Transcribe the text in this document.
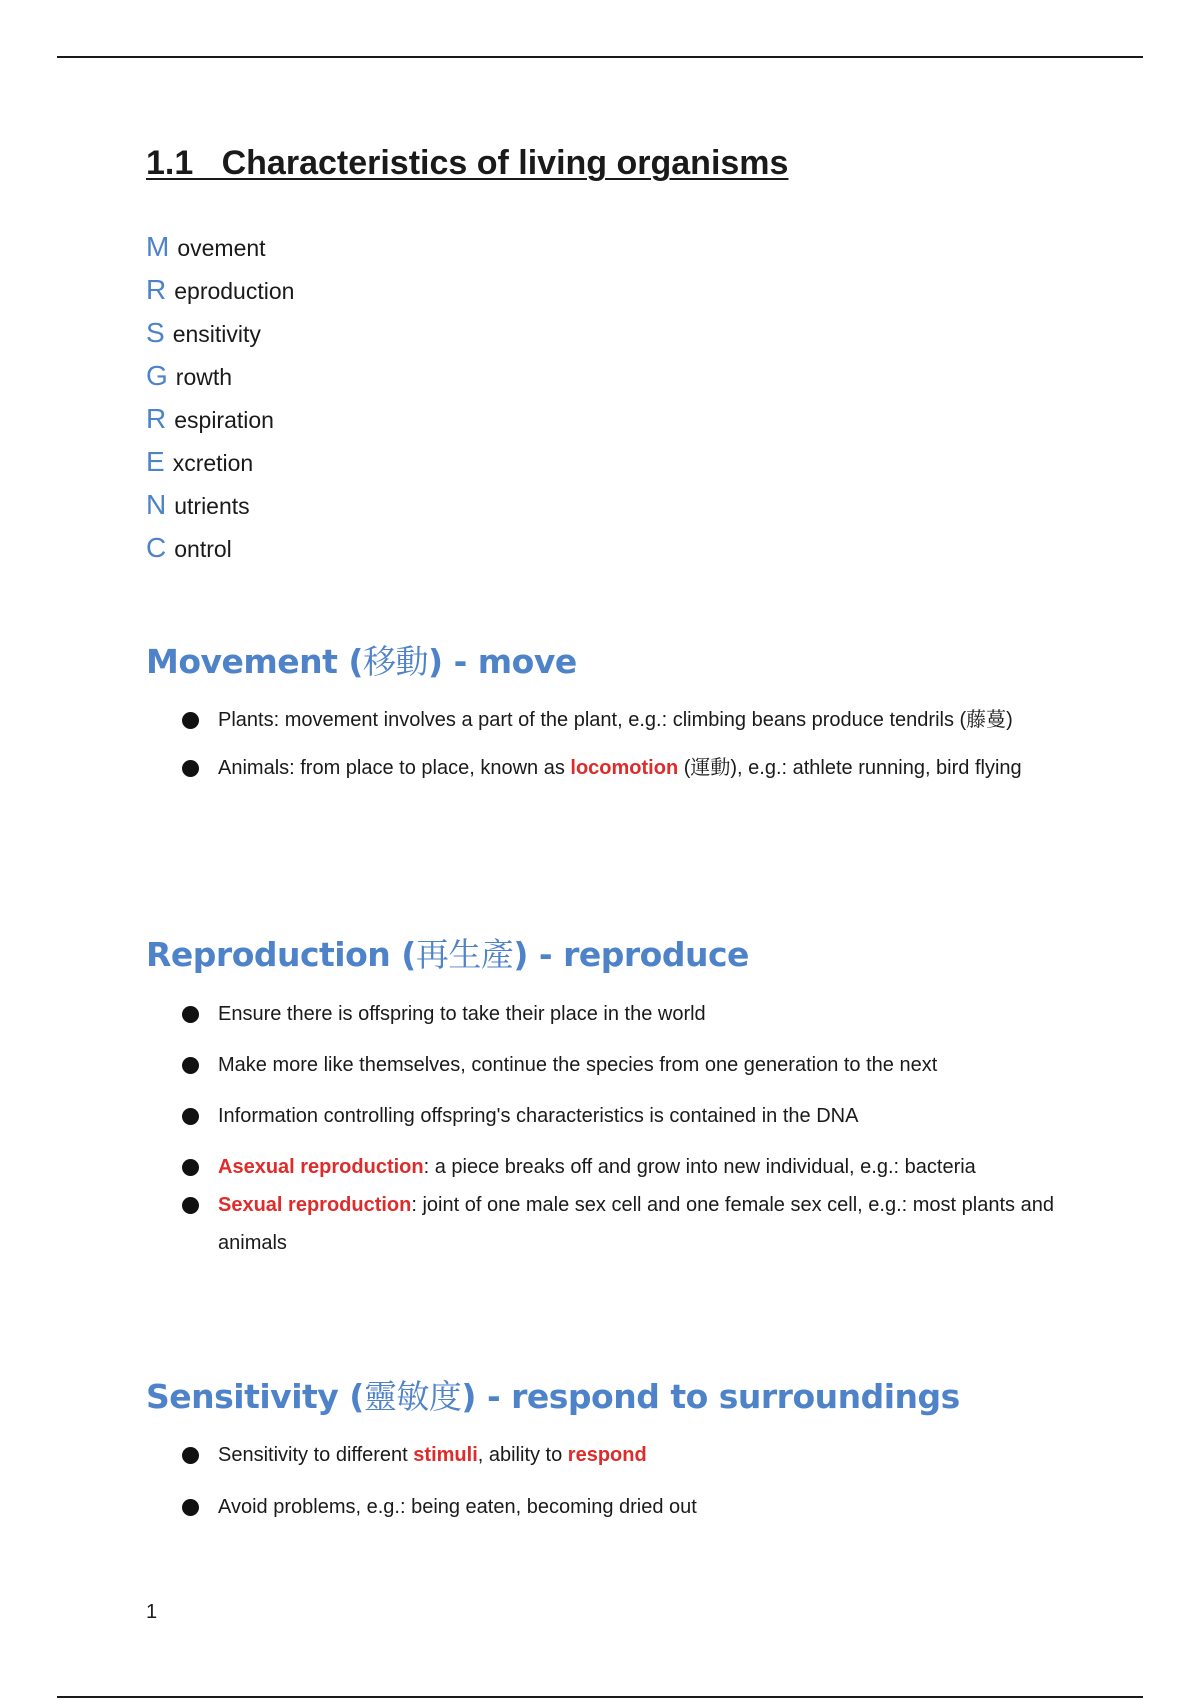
1.1   Characteristics of living organisms
M ovement
R eproduction
S ensitivity
G rowth
R espiration
E xcretion
N utrients
C ontrol
Movement (移動) - move
Plants: movement involves a part of the plant, e.g.: climbing beans produce tendrils (藤蔓)
Animals: from place to place, known as locomotion (運動), e.g.: athlete running, bird flying
Reproduction (再生產) - reproduce
Ensure there is offspring to take their place in the world
Make more like themselves, continue the species from one generation to the next
Information controlling offspring's characteristics is contained in the DNA
Asexual reproduction: a piece breaks off and grow into new individual, e.g.: bacteria
Sexual reproduction: joint of one male sex cell and one female sex cell, e.g.: most plants and animals
Sensitivity (靈敏度) - respond to surroundings
Sensitivity to different stimuli, ability to respond
Avoid problems, e.g.: being eaten, becoming dried out
1
